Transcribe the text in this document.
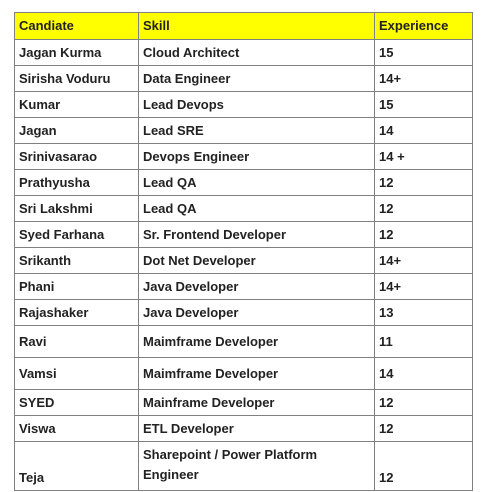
Candiate	Skill	Experience
Jagan Kurma	Cloud Architect	15
Sirisha Voduru	Data Engineer	14+
Kumar	Lead Devops	15
Jagan	Lead SRE	14
Srinivasarao	Devops Engineer	14 +
Prathyusha	Lead QA	12
Sri Lakshmi	Lead QA	12
Syed Farhana	Sr. Frontend Developer	12
Srikanth	Dot Net Developer	14+
Phani	Java Developer	14+
Rajashaker	Java Developer	13
Ravi	Maimframe Developer	11
Vamsi	Maimframe Developer	14
SYED	Mainframe Developer	12
Viswa	ETL Developer	12
Teja	Sharepoint / Power Platform Engineer	12
